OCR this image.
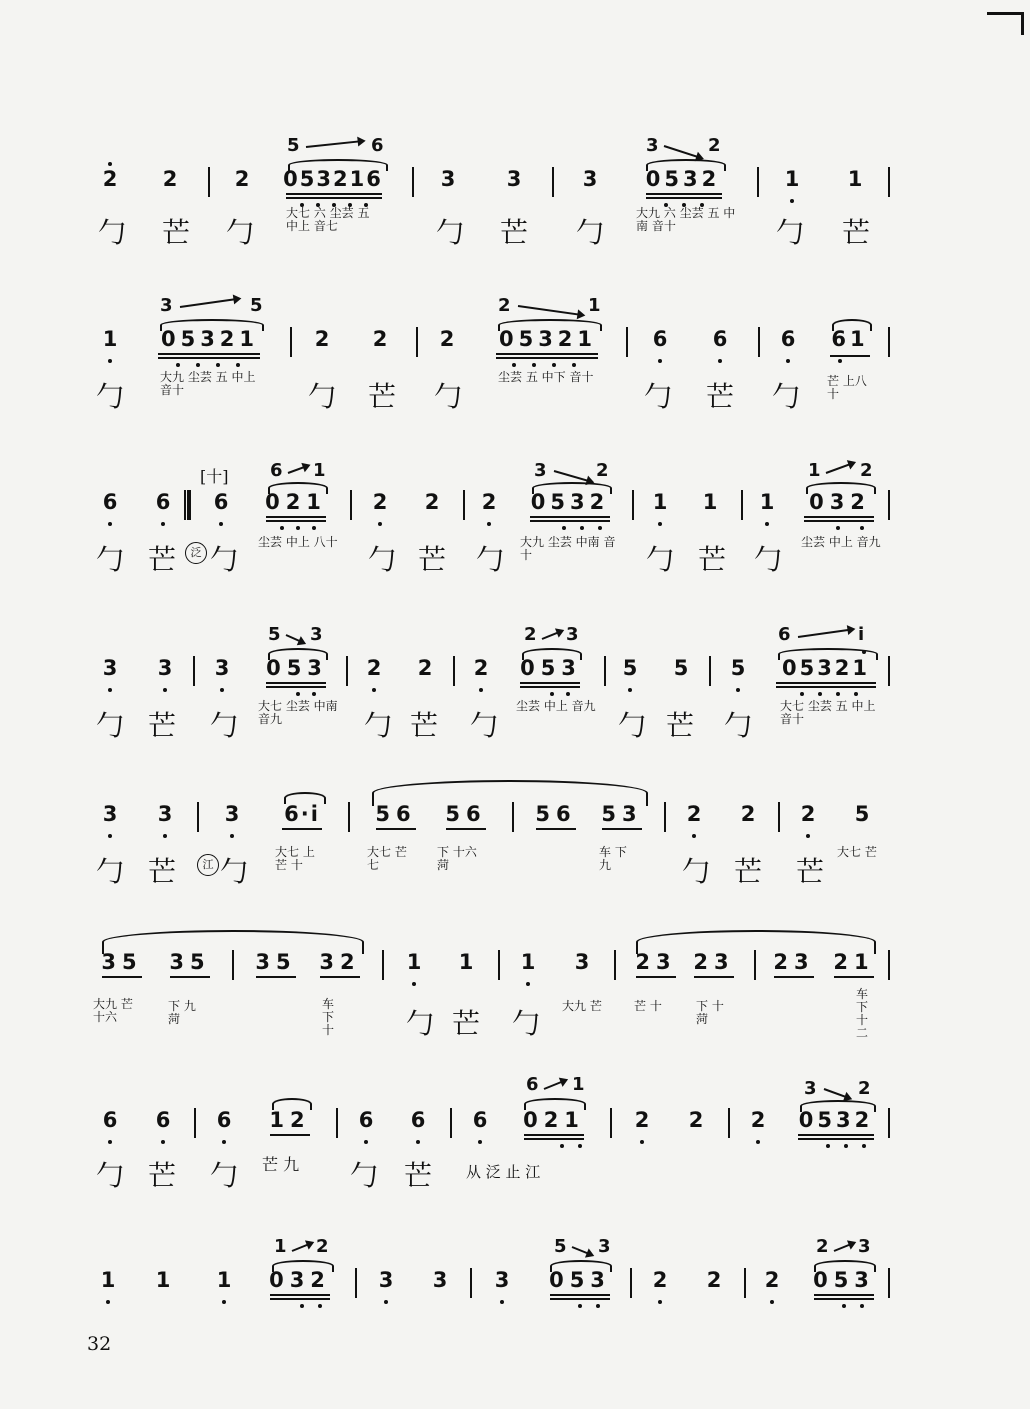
5	6	3	2
2 2	2 053216	3 3	3 0532	1 1
勹 芒 勹
大七 六 尘芸 五 中上 音七	勹 芒 勹
大九 六 尘芸 五 中南 音十	勹 芒
3	5	2	1
1 05321	2 2 2 05321	6 6	6 61
勹
大九 尘芸 五 中上 音十	勹 芒 勹
尘芸 五 中下 音十
勹 芒 勹 芒 上八十
[十] 6 1	3	2	1 2
6 6 6 021 2 2 2 0532 1 1 1 032
勹 芒	泛 勹
尘芸 中上 八十
勹 芒 勹
大九 尘芸 中南 音十	勹 芒 勹
尘芸 中上 音九
5 3	2 3	6	i
3 3 3 053 2 2 2 053 5 5 5 05321
勹 芒 勹
大七 尘芸 中南 音九	勹 芒 勹
尘芸 中上 音九
勹 芒 勹
大七 尘芸 五 中上 音十
3 3 3 6·i	56 56 56 53 2 2 2 5
勹 芒	江 勹
大七 上 芒 十
大七 芒 七
下 十六 菏
车 下九	勹 芒 芒
大七 芒
35 35 35 32 1 1 1 3 23 23 23 21
大九 芒 十六
下 九 菏
车 下 十	勹 芒 勹
大九 芒	芒 十	下 十 菏
车 下 十二
6 1	3 2
6 6 6 12 6 6 6 021 2 2 2 0532
勹 芒 勹 芒 九	勹 芒 从 泛 止 江
1 2	5 3	2 3
1 1 1 032 3 3 3 053 2 2 2 053
32
